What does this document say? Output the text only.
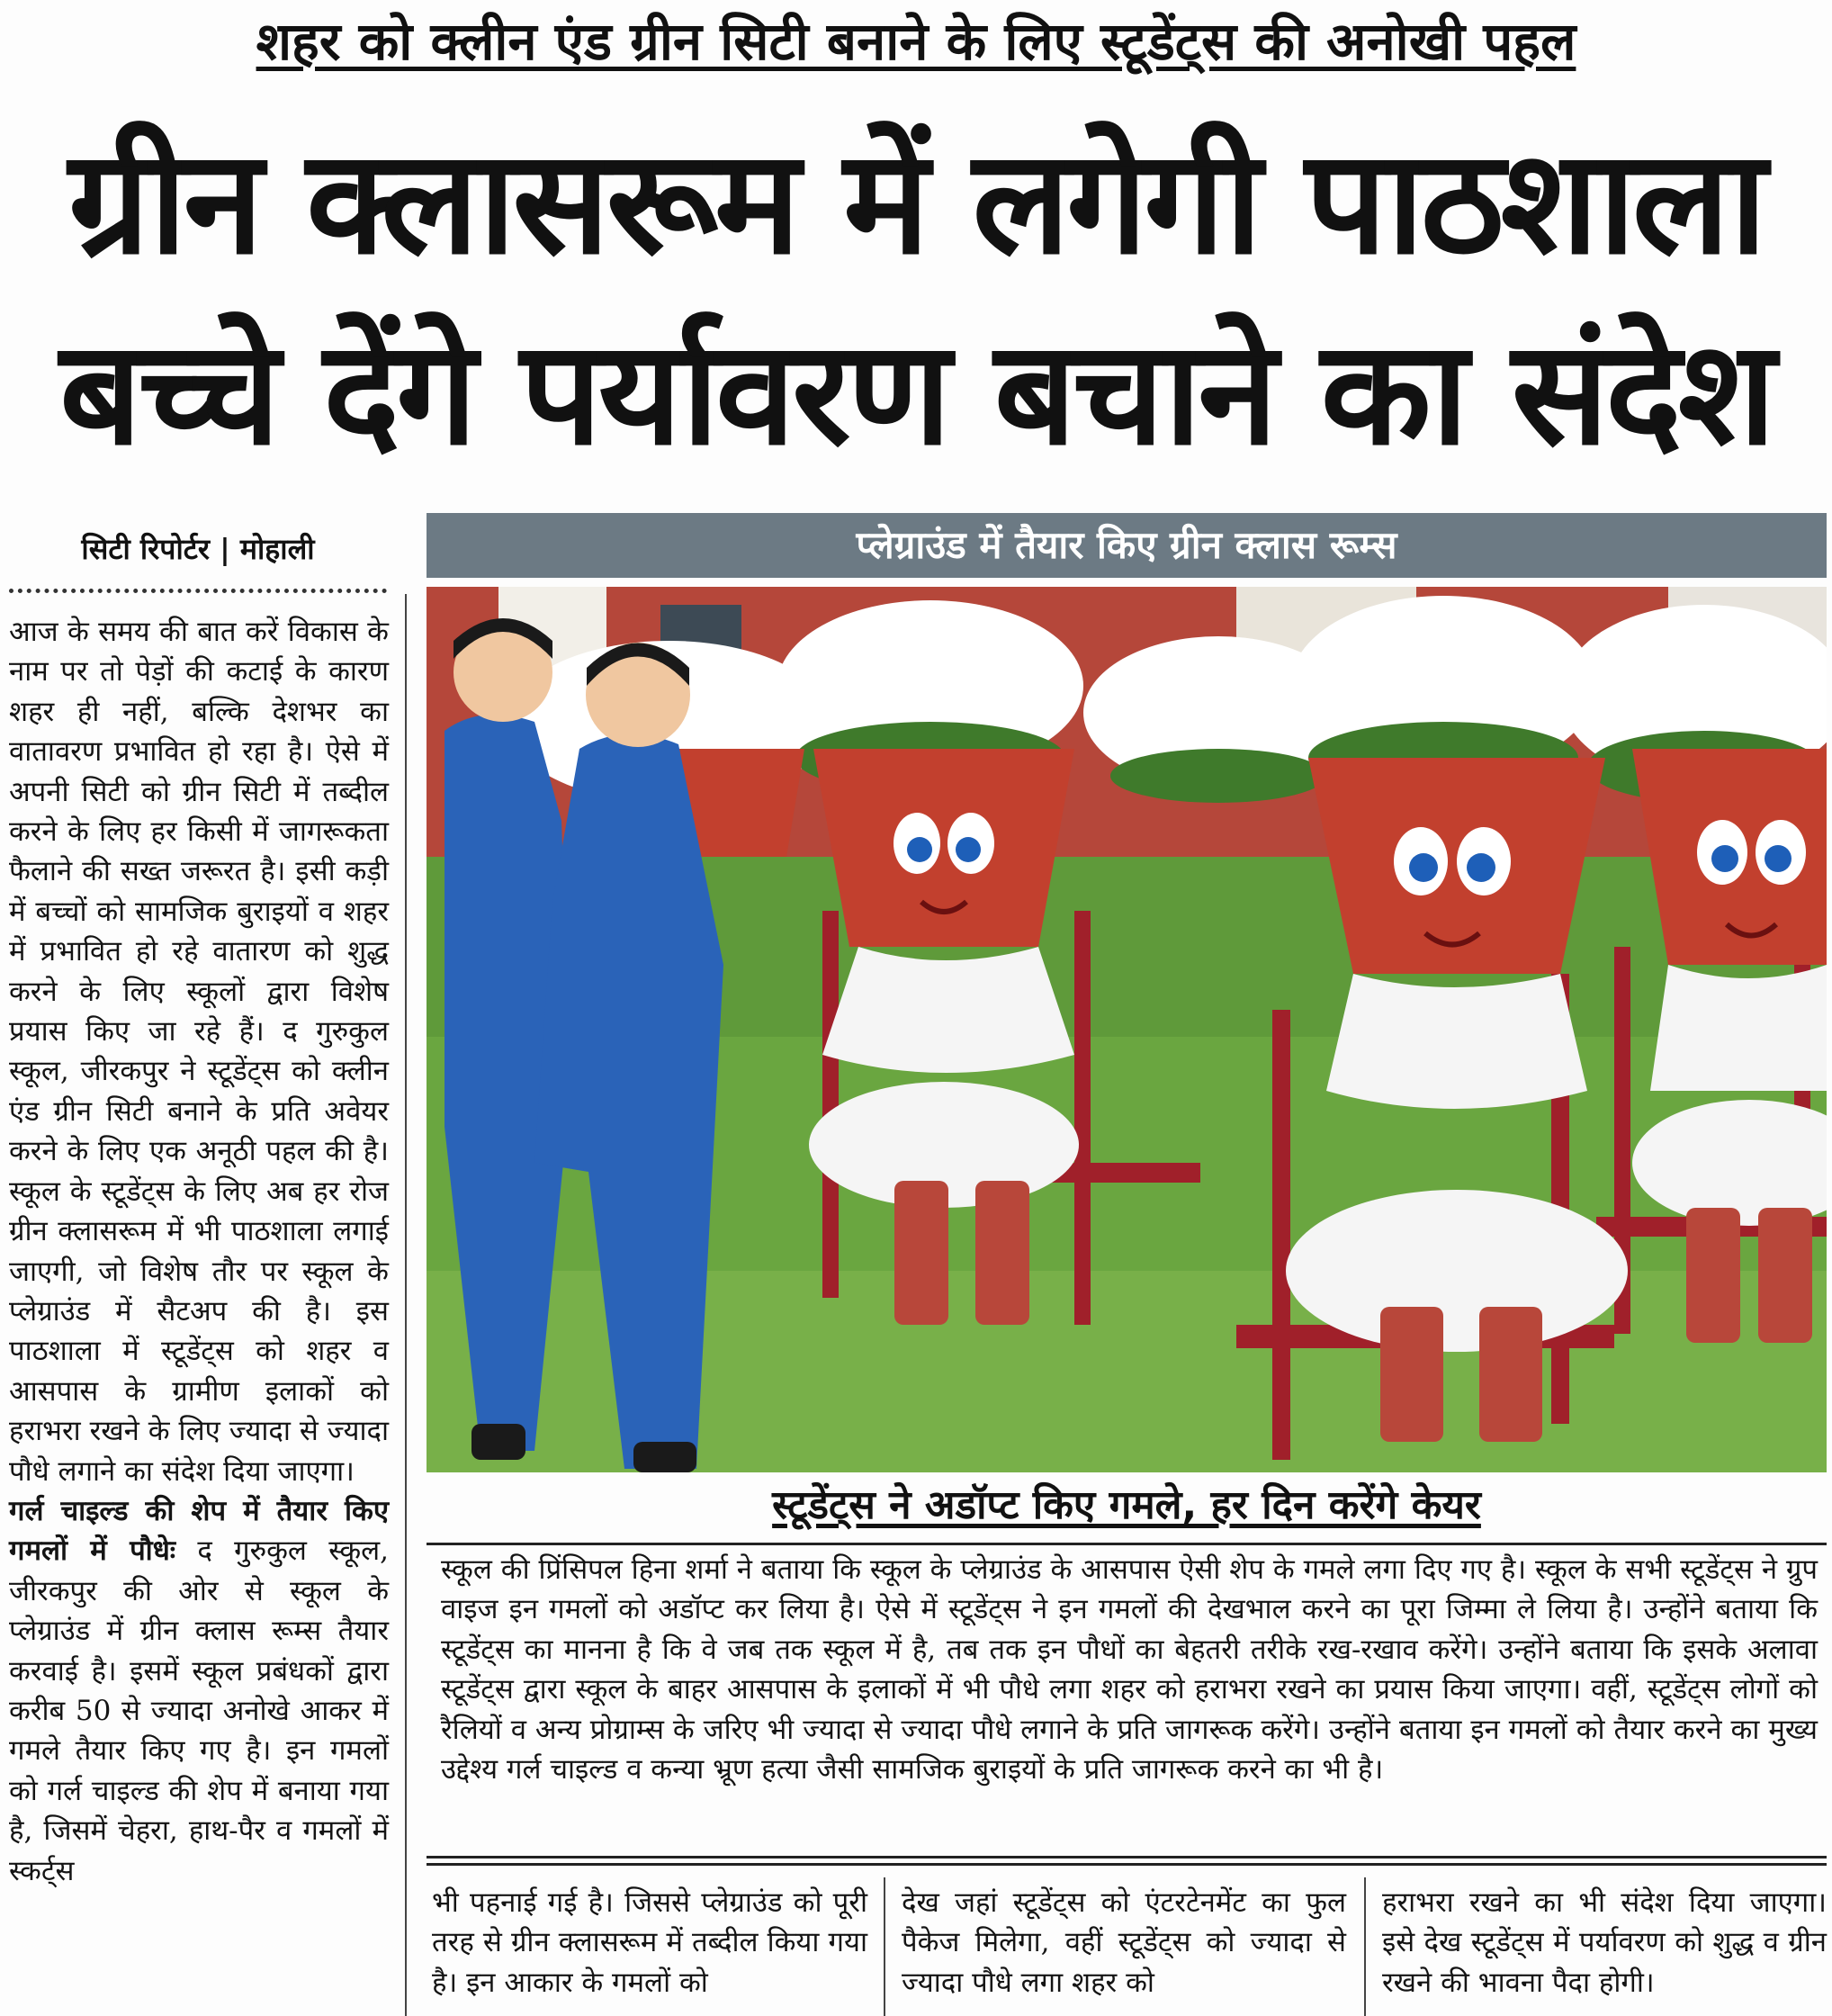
शहर को क्लीन एंड ग्रीन सिटी बनाने के लिए स्टूडेंट्स की अनोखी पहल
ग्रीन क्लासरूम में लगेगी पाठशाला
बच्चे देंगे पर्यावरण बचाने का संदेश
सिटी रिपोर्टर | मोहाली
आज के समय की बात करें विकास के नाम पर तो पेड़ों की कटाई के कारण शहर ही नहीं, बल्कि देशभर का वातावरण प्रभावित हो रहा है। ऐसे में अपनी सिटी को ग्रीन सिटी में तब्दील करने के लिए हर किसी में जागरूकता फैलाने की सख्त जरूरत है। इसी कड़ी में बच्चों को सामजिक बुराइयों व शहर में प्रभावित हो रहे वातारण को शुद्ध करने के लिए स्कूलों द्वारा विशेष प्रयास किए जा रहे हैं। द गुरुकुल स्कूल, जीरकपुर ने स्टूडेंट्स को क्लीन एंड ग्रीन सिटी बनाने के प्रति अवेयर करने के लिए एक अनूठी पहल की है। स्कूल के स्टूडेंट्स के लिए अब हर रोज ग्रीन क्लासरूम में भी पाठशाला लगाई जाएगी, जो विशेष तौर पर स्कूल के प्लेग्राउंड में सैटअप की है। इस पाठशाला में स्टूडेंट्स को शहर व आसपास के ग्रामीण इलाकों को हराभरा रखने के लिए ज्यादा से ज्यादा पौधे लगाने का संदेश दिया जाएगा।
गर्ल चाइल्ड की शेप में तैयार किए गमलों में पौधेः द गुरुकुल स्कूल, जीरकपुर की ओर से स्कूल के प्लेग्राउंड में ग्रीन क्लास रूम्स तैयार करवाई है। इसमें स्कूल प्रबंधकों द्वारा करीब 50 से ज्यादा अनोखे आकर में गमले तैयार किए गए है। इन गमलों को गर्ल चाइल्ड की शेप में बनाया गया है, जिसमें चेहरा, हाथ-पैर व गमलों में स्कर्ट्स
प्लेग्राउंड में तैयार किए ग्रीन क्लास रूम्स
स्टूडेंट्स ने अडॉप्ट किए गमले, हर दिन करेंगे केयर
स्कूल की प्रिंसिपल हिना शर्मा ने बताया कि स्कूल के प्लेग्राउंड के आसपास ऐसी शेप के गमले लगा दिए गए है। स्कूल के सभी स्टूडेंट्स ने ग्रुप वाइज इन गमलों को अडॉप्ट कर लिया है। ऐसे में स्टूडेंट्स ने इन गमलों की देखभाल करने का पूरा जिम्मा ले लिया है। उन्होंने बताया कि स्टूडेंट्स का मानना है कि वे जब तक स्कूल में है, तब तक इन पौधों का बेहतरी तरीके रख-रखाव करेंगे। उन्होंने बताया कि इसके अलावा स्टूडेंट्स द्वारा स्कूल के बाहर आसपास के इलाकों में भी पौधे लगा शहर को हराभरा रखने का प्रयास किया जाएगा। वहीं, स्टूडेंट्स लोगों को रैलियों व अन्य प्रोग्राम्स के जरिए भी ज्यादा से ज्यादा पौधे लगाने के प्रति जागरूक करेंगे। उन्होंने बताया इन गमलों को तैयार करने का मुख्य उद्देश्य गर्ल चाइल्ड व कन्या भ्रूण हत्या जैसी सामजिक बुराइयों के प्रति जागरूक करने का भी है।
भी पहनाई गई है। जिससे प्लेग्राउंड को पूरी तरह से ग्रीन क्लासरूम में तब्दील किया गया है। इन आकार के गमलों को
देख जहां स्टूडेंट्स को एंटरटेनमेंट का फुल पैकेज मिलेगा, वहीं स्टूडेंट्स को ज्यादा से ज्यादा पौधे लगा शहर को
हराभरा रखने का भी संदेश दिया जाएगा। इसे देख स्टूडेंट्स में पर्यावरण को शुद्ध व ग्रीन रखने की भावना पैदा होगी।
